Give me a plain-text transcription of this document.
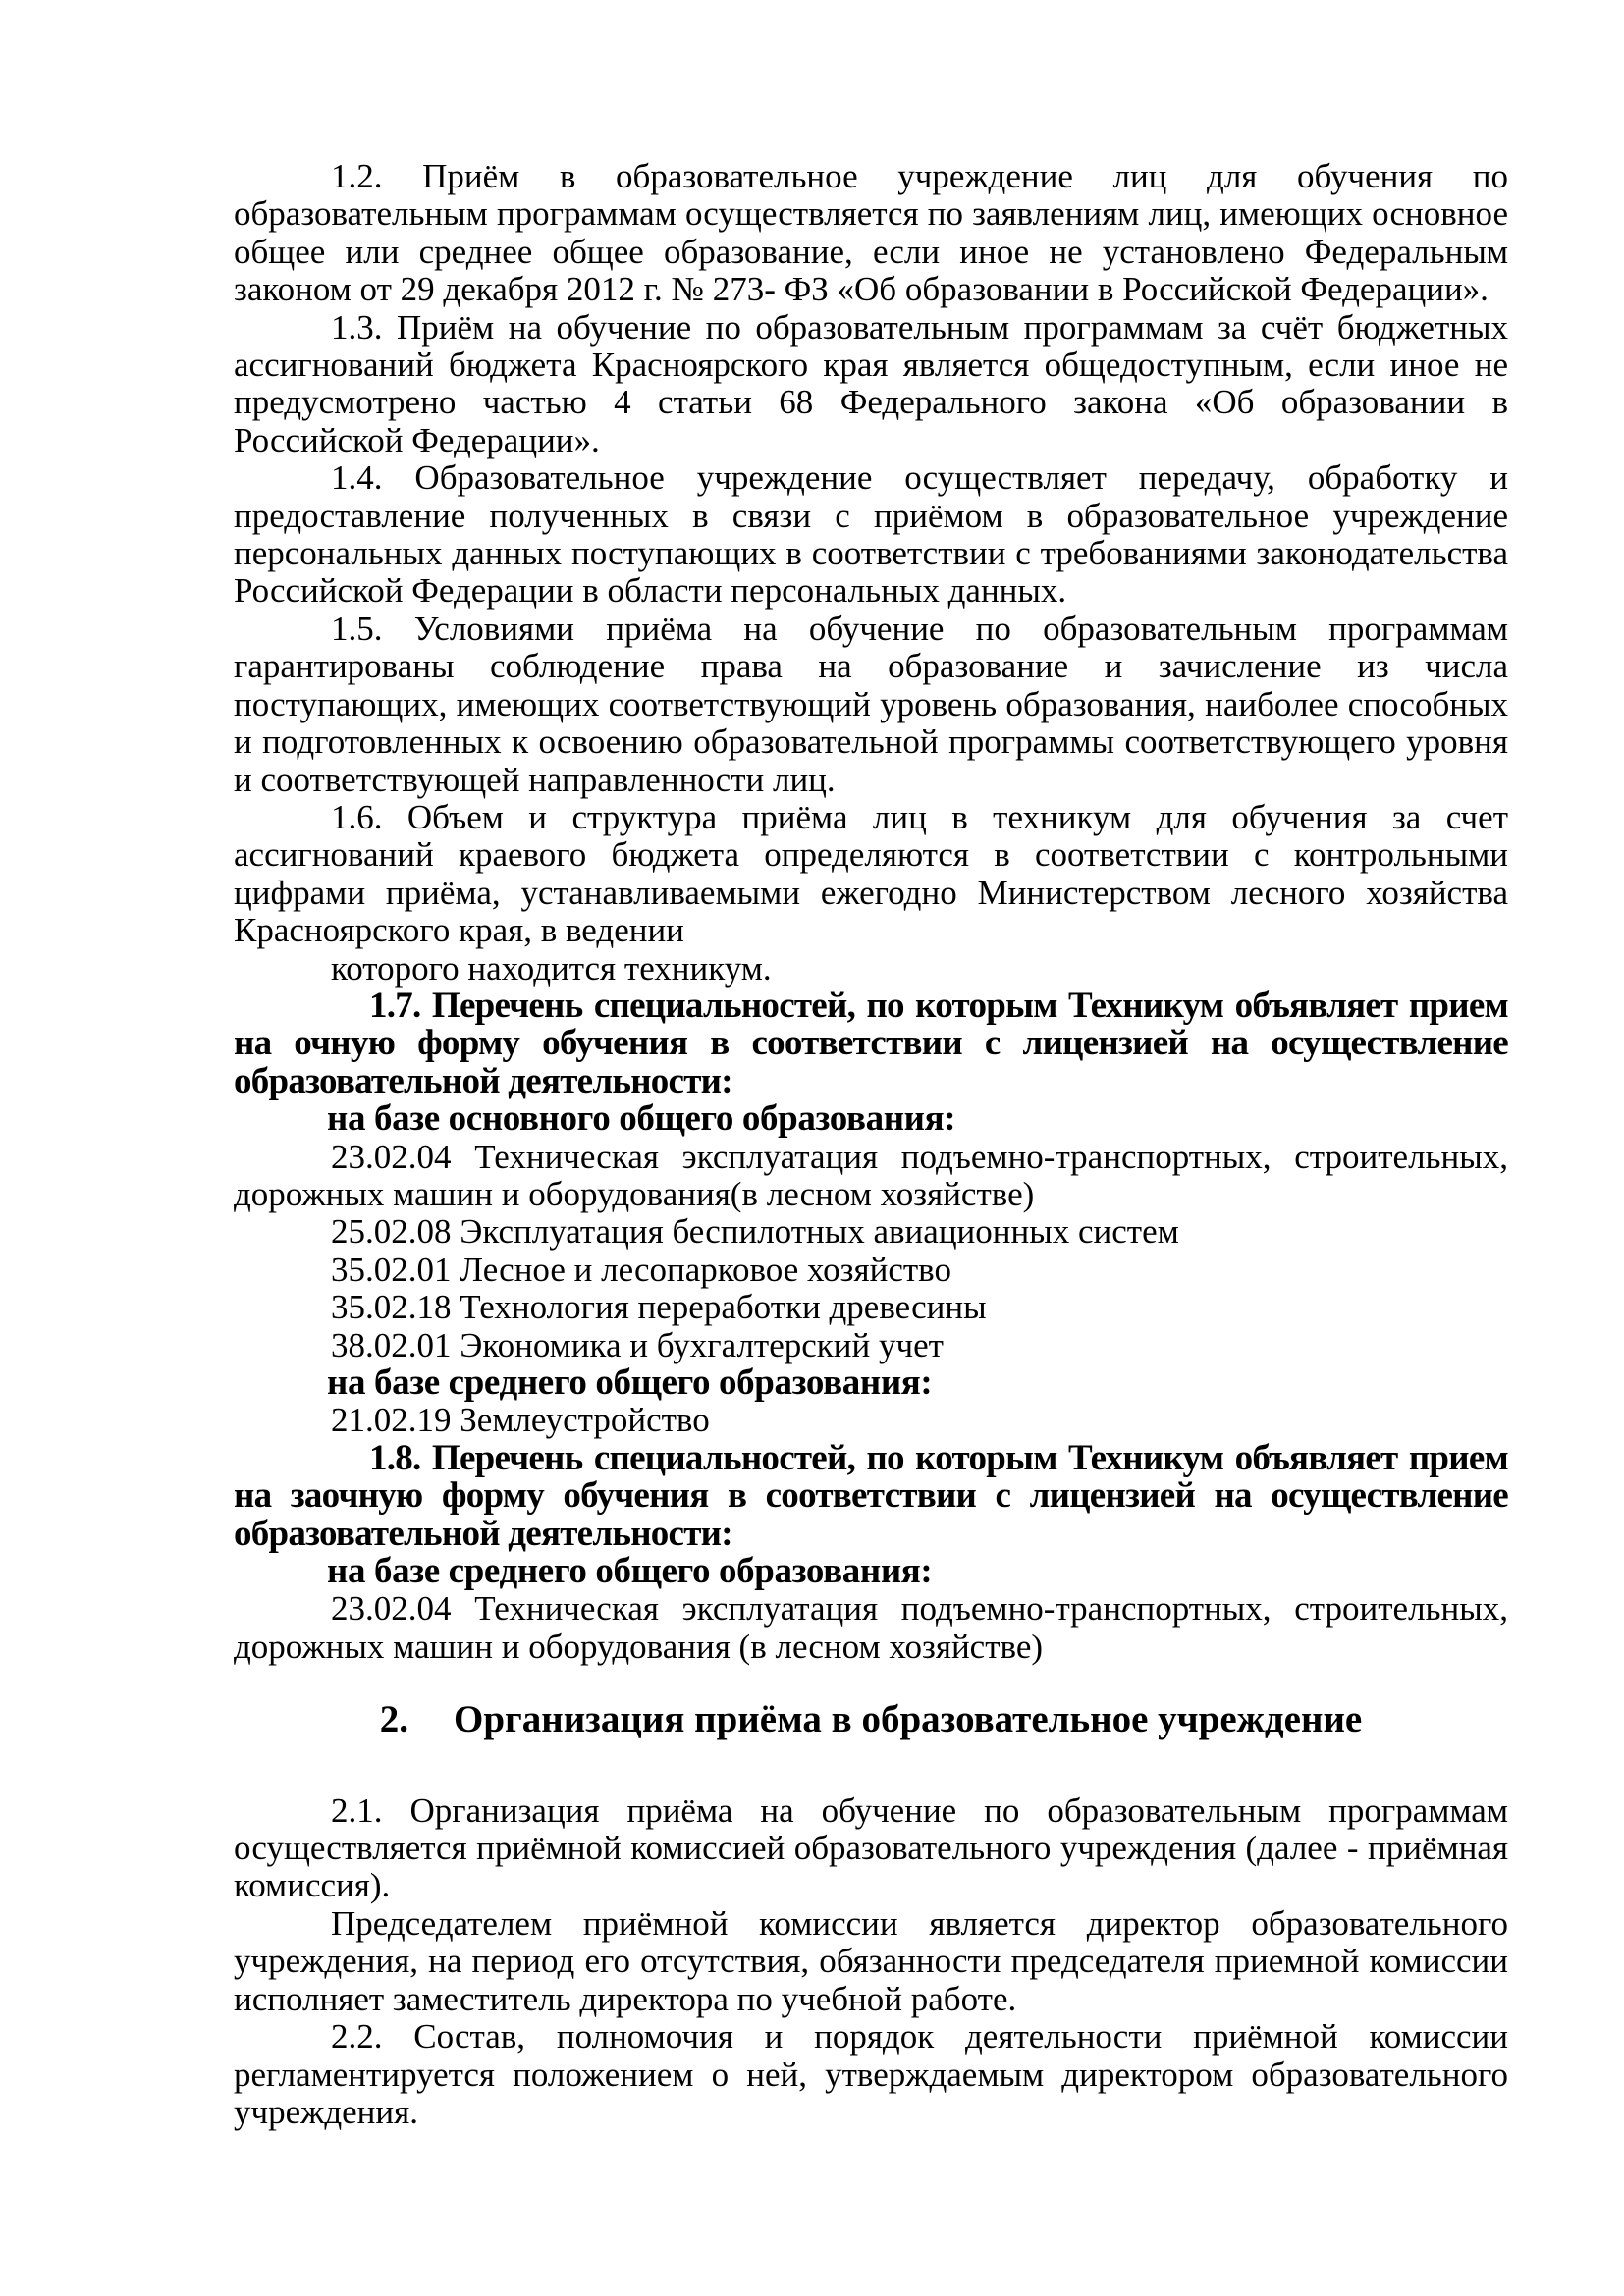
1.2. Приём в образовательное учреждение лиц для обучения по образовательным программам осуществляется по заявлениям лиц, имеющих основное общее или среднее общее образование, если иное не установлено Федеральным законом от 29 декабря 2012 г. № 273- ФЗ «Об образовании в Российской Федерации».

1.3. Приём на обучение по образовательным программам за счёт бюджетных ассигнований бюджета Красноярского края является общедоступным, если иное не предусмотрено частью 4 статьи 68 Федерального закона «Об образовании в Российской Федерации».

1.4. Образовательное учреждение осуществляет передачу, обработку и предоставление полученных в связи с приёмом в образовательное учреждение персональных данных поступающих в соответствии с требованиями законодательства Российской Федерации в области персональных данных.

1.5. Условиями приёма на обучение по образовательным программам гарантированы соблюдение права на образование и зачисление из числа поступающих, имеющих соответствующий уровень образования, наиболее способных и подготовленных к освоению образовательной программы соответствующего уровня и соответствующей направленности лиц.

1.6. Объем и структура приёма лиц в техникум для обучения за счет ассигнований краевого бюджета определяются в соответствии с контрольными цифрами приёма, устанавливаемыми ежегодно Министерством лесного хозяйства Красноярского края, в ведении

которого находится техникум.

1.7. Перечень специальностей, по которым Техникум объявляет прием на очную форму обучения в соответствии с лицензией на осуществление образовательной деятельности:

на базе основного общего образования:

23.02.04 Техническая эксплуатация подъемно-транспортных, строительных, дорожных машин и оборудования(в лесном хозяйстве)

25.02.08 Эксплуатация беспилотных авиационных систем

35.02.01 Лесное и лесопарковое хозяйство

35.02.18 Технология переработки древесины

38.02.01 Экономика и бухгалтерский учет

на базе среднего общего образования:

21.02.19 Землеустройство

1.8. Перечень специальностей, по которым Техникум объявляет прием на заочную форму обучения в соответствии с лицензией на осуществление образовательной деятельности:

на базе среднего общего образования:

23.02.04 Техническая эксплуатация подъемно-транспортных, строительных, дорожных машин и оборудования (в лесном хозяйстве)

2. Организация приёма в образовательное учреждение

2.1. Организация приёма на обучение по образовательным программам осуществляется приёмной комиссией образовательного учреждения (далее - приёмная комиссия).

Председателем приёмной комиссии является директор образовательного учреждения, на период его отсутствия, обязанности председателя приемной комиссии исполняет заместитель директора по учебной работе.

2.2. Состав, полномочия и порядок деятельности приёмной комиссии регламентируется положением о ней, утверждаемым директором образовательного учреждения.
